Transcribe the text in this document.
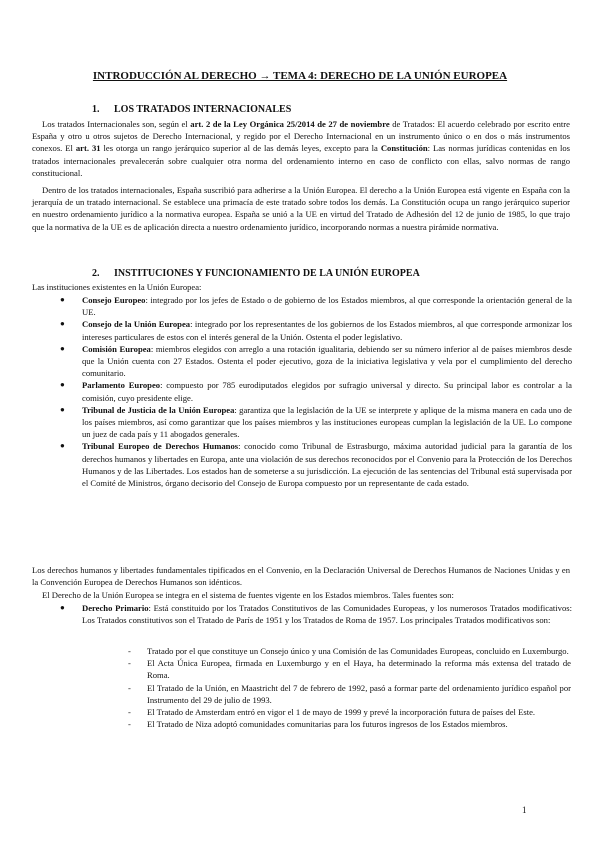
INTRODUCCIÓN AL DERECHO → TEMA 4: DERECHO DE LA UNIÓN EUROPEA
1. LOS TRATADOS INTERNACIONALES
Los tratados Internacionales son, según el art. 2 de la Ley Orgánica 25/2014 de 27 de noviembre de Tratados: El acuerdo celebrado por escrito entre España y otro u otros sujetos de Derecho Internacional, y regido por el Derecho Internacional en un instrumento único o en dos o más instrumentos conexos. El art. 31 les otorga un rango jerárquico superior al de las demás leyes, excepto para la Constitución: Las normas jurídicas contenidas en los tratados internacionales prevalecerán sobre cualquier otra norma del ordenamiento interno en caso de conflicto con ellas, salvo normas de rango constitucional.
Dentro de los tratados internacionales, España suscribió para adherirse a la Unión Europea. El derecho a la Unión Europea está vigente en España con la jerarquía de un tratado internacional. Se establece una primacía de este tratado sobre todos los demás. La Constitución ocupa un rango jerárquico superior en nuestro ordenamiento jurídico a la normativa europea. España se unió a la UE en virtud del Tratado de Adhesión del 12 de junio de 1985, lo que trajo que la normativa de la UE es de aplicación directa a nuestro ordenamiento jurídico, incorporando normas a nuestra pirámide normativa.
2. INSTITUCIONES Y FUNCIONAMIENTO DE LA UNIÓN EUROPEA
Las instituciones existentes en la Unión Europea:
● Consejo Europeo: integrado por los jefes de Estado o de gobierno de los Estados miembros, al que corresponde la orientación general de la UE.
● Consejo de la Unión Europea: integrado por los representantes de los gobiernos de los Estados miembros, al que corresponde armonizar los intereses particulares de estos con el interés general de la Unión. Ostenta el poder legislativo.
● Comisión Europea: miembros elegidos con arreglo a una rotación igualitaria, debiendo ser su número inferior al de países miembros desde que la Unión cuenta con 27 Estados. Ostenta el poder ejecutivo, goza de la iniciativa legislativa y vela por el cumplimiento del derecho comunitario.
● Parlamento Europeo: compuesto por 785 eurodiputados elegidos por sufragio universal y directo. Su principal labor es controlar a la comisión, cuyo presidente elige.
● Tribunal de Justicia de la Unión Europea: garantiza que la legislación de la UE se interprete y aplique de la misma manera en cada uno de los países miembros, así como garantizar que los países miembros y las instituciones europeas cumplan la legislación de la UE. Lo compone un juez de cada país y 11 abogados generales.
● Tribunal Europeo de Derechos Humanos: conocido como Tribunal de Estrasburgo, máxima autoridad judicial para la garantía de los derechos humanos y libertades en Europa, ante una violación de sus derechos reconocidos por el Convenio para la Protección de los Derechos Humanos y de las Libertades. Los estados han de someterse a su jurisdicción. La ejecución de las sentencias del Tribunal está supervisada por el Comité de Ministros, órgano decisorio del Consejo de Europa compuesto por un representante de cada estado.
Los derechos humanos y libertades fundamentales tipificados en el Convenio, en la Declaración Universal de Derechos Humanos de Naciones Unidas y en la Convención Europea de Derechos Humanos son idénticos.
El Derecho de la Unión Europea se integra en el sistema de fuentes vigente en los Estados miembros. Tales fuentes son:
● Derecho Primario: Está constituido por los Tratados Constitutivos de las Comunidades Europeas, y los numerosos Tratados modificativos: Los Tratados constitutivos son el Tratado de París de 1951 y los Tratados de Roma de 1957. Los principales Tratados modificativos son:
- Tratado por el que constituye un Consejo único y una Comisión de las Comunidades Europeas, concluido en Luxemburgo.
- El Acta Única Europea, firmada en Luxemburgo y en el Haya, ha determinado la reforma más extensa del tratado de Roma.
- El Tratado de la Unión, en Maastricht del 7 de febrero de 1992, pasó a formar parte del ordenamiento jurídico español por Instrumento del 29 de julio de 1993.
- El Tratado de Amsterdam entró en vigor el 1 de mayo de 1999 y prevé la incorporación futura de países del Este.
- El Tratado de Niza adoptó comunidades comunitarias para los futuros ingresos de los Estados miembros.
1
